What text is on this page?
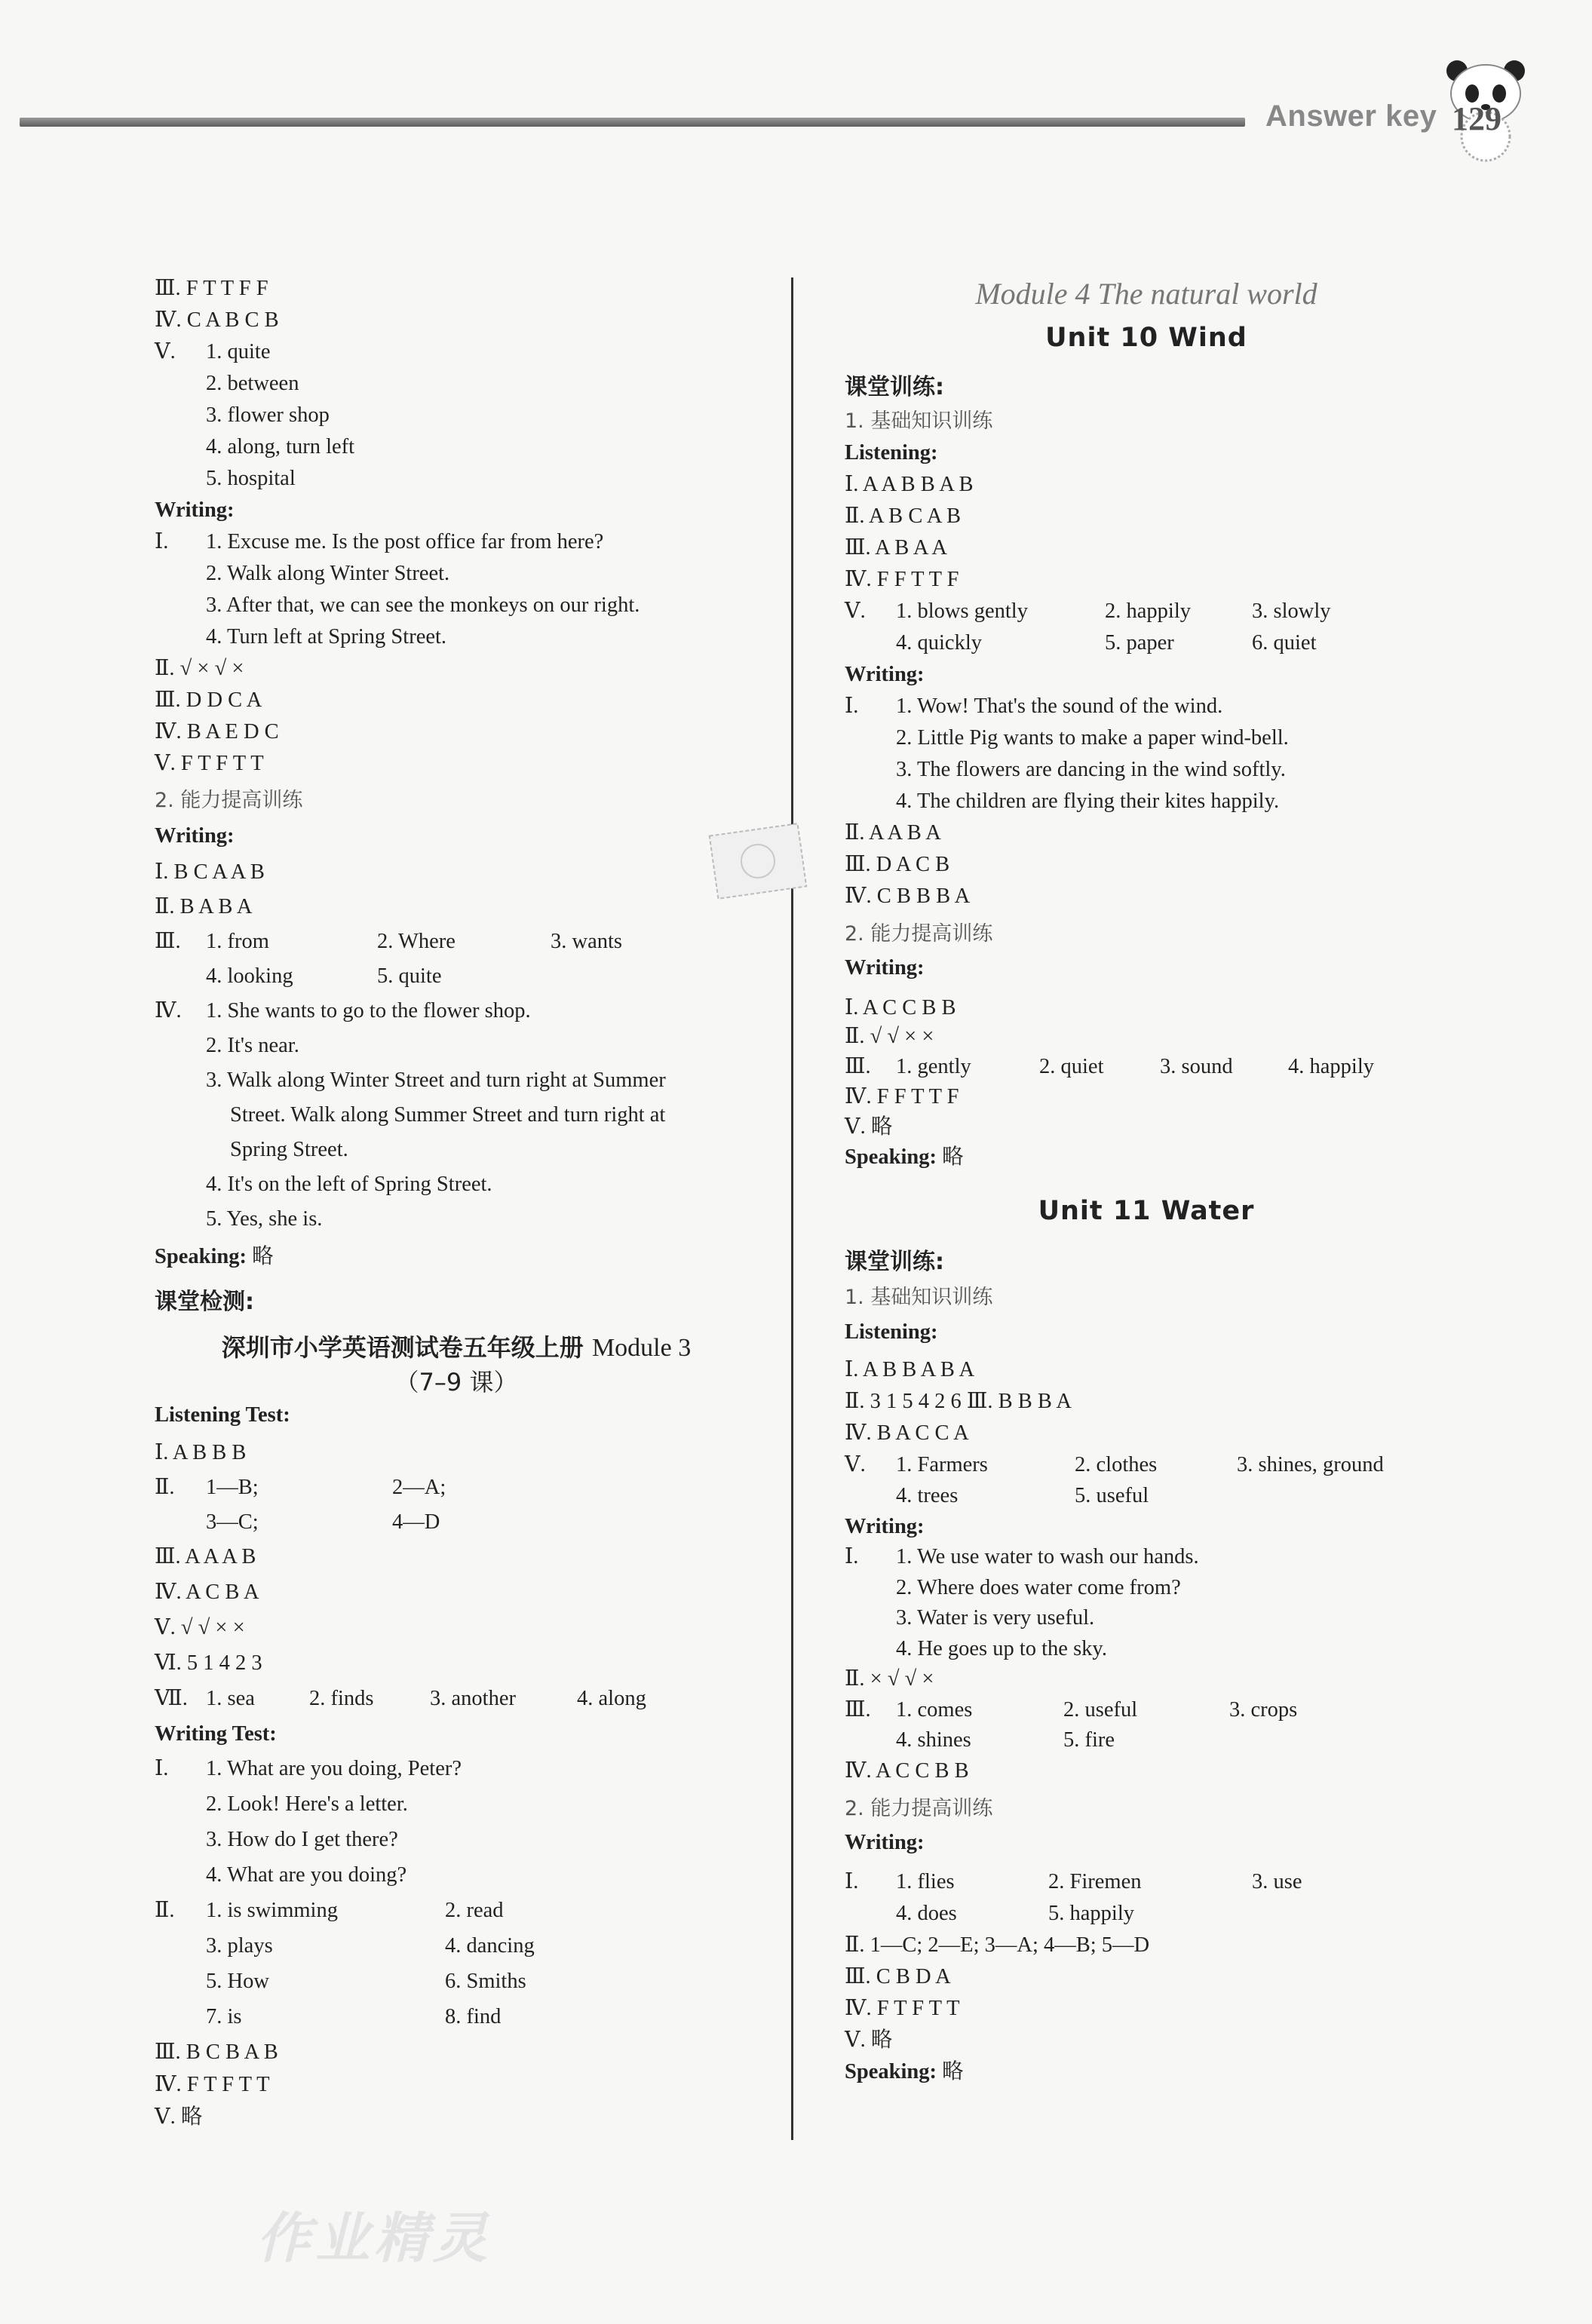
Answer key 129
Ⅲ. F T T F F
Ⅳ. C A B C B
Ⅴ. 1. quite
2. between
3. flower shop
4. along, turn left
5. hospital
Writing:
Ⅰ. 1. Excuse me. Is the post office far from here?
2. Walk along Winter Street.
3. After that, we can see the monkeys on our right.
4. Turn left at Spring Street.
Ⅱ. √ × √ ×
Ⅲ. D D C A
Ⅳ. B A E D C
Ⅴ. F T F T T
2. 能力提高训练
Writing:
Ⅰ. B C A A B
Ⅱ. B A B A
Ⅲ. 1. from	2. Where	3. wants
4. looking	5. quite
Ⅳ. 1. She wants to go to the flower shop.
2. It's near.
3. Walk along Winter Street and turn right at Summer
Street. Walk along Summer Street and turn right at
Spring Street.
4. It's on the left of Spring Street.
5. Yes, she is.
Speaking: 略
课堂检测:
深圳市小学英语测试卷五年级上册 Module 3
（7–9 课）
Listening Test:
Ⅰ. A B B B
Ⅱ. 1—B;	2—A;
3—C;	4—D
Ⅲ. A A A B
Ⅳ. A C B A
Ⅴ. √ √ × ×
Ⅵ. 5 1 4 2 3
Ⅶ. 1. sea	2. finds	3. another	4. along
Writing Test:
Ⅰ. 1. What are you doing, Peter?
2. Look! Here's a letter.
3. How do I get there?
4. What are you doing?
Ⅱ. 1. is swimming	2. read
3. plays	4. dancing
5. How	6. Smiths
7. is	8. find
Ⅲ. B C B A B
Ⅳ. F T F T T
Ⅴ. 略
Module 4 The natural world
Unit 10 Wind
课堂训练:
1. 基础知识训练
Listening:
Ⅰ. A A B B A B
Ⅱ. A B C A B
Ⅲ. A B A A
Ⅳ. F F T T F
Ⅴ. 1. blows gently	2. happily	3. slowly
4. quickly	5. paper	6. quiet
Writing:
Ⅰ. 1. Wow! That's the sound of the wind.
2. Little Pig wants to make a paper wind-bell.
3. The flowers are dancing in the wind softly.
4. The children are flying their kites happily.
Ⅱ. A A B A
Ⅲ. D A C B
Ⅳ. C B B B A
2. 能力提高训练
Writing:
Ⅰ. A C C B B
Ⅱ. √ √ × ×
Ⅲ. 1. gently	2. quiet	3. sound	4. happily
Ⅳ. F F T T F
Ⅴ. 略
Speaking: 略
Unit 11 Water
课堂训练:
1. 基础知识训练
Listening:
Ⅰ. A B B A B A
Ⅱ. 3 1 5 4 2 6 Ⅲ. B B B A
Ⅳ. B A C C A
Ⅴ. 1. Farmers	2. clothes	3. shines, ground
4. trees	5. useful
Writing:
Ⅰ. 1. We use water to wash our hands.
2. Where does water come from?
3. Water is very useful.
4. He goes up to the sky.
Ⅱ. × √ √ ×
Ⅲ. 1. comes	2. useful	3. crops
4. shines	5. fire
Ⅳ. A C C B B
2. 能力提高训练
Writing:
Ⅰ. 1. flies	2. Firemen	3. use
4. does	5. happily
Ⅱ. 1—C; 2—E; 3—A; 4—B; 5—D
Ⅲ. C B D A
Ⅳ. F T F T T
Ⅴ. 略
Speaking: 略
作业精灵
